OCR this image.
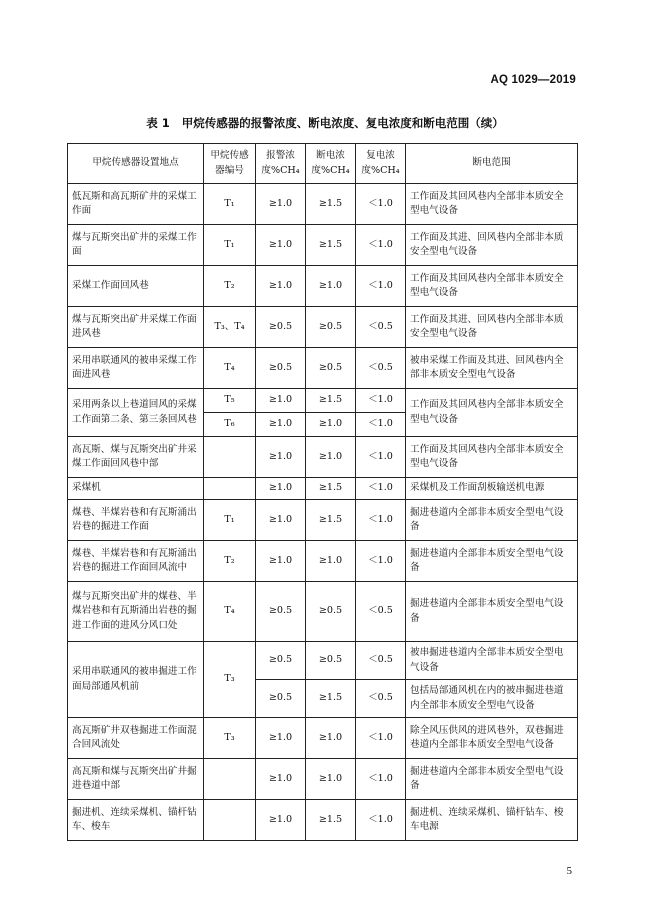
AQ 1029—2019
表 1 甲烷传感器的报警浓度、断电浓度、复电浓度和断电范围（续）
甲烷传感器设置地点	甲烷传感器编号	报警浓度%CH₄	断电浓度%CH₄	复电浓度%CH₄	断电范围
低瓦斯和高瓦斯矿井的采煤工作面	T₁	≥1.0	≥1.5	＜1.0	工作面及其回风巷内全部非本质安全型电气设备
煤与瓦斯突出矿井的采煤工作面	T₁	≥1.0	≥1.5	＜1.0	工作面及其进、回风巷内全部非本质安全型电气设备
采煤工作面回风巷	T₂	≥1.0	≥1.0	＜1.0	工作面及其回风巷内全部非本质安全型电气设备
煤与瓦斯突出矿井采煤工作面进风巷	T₃、T₄	≥0.5	≥0.5	＜0.5	工作面及其进、回风巷内全部非本质安全型电气设备
采用串联通风的被串采煤工作面进风巷	T₄	≥0.5	≥0.5	＜0.5	被串采煤工作面及其进、回风巷内全部非本质安全型电气设备
采用两条以上巷道回风的采煤工作面第二条、第三条回风巷	T₅	≥1.0	≥1.5	＜1.0	工作面及其回风巷内全部非本质安全型电气设备
	T₆	≥1.0	≥1.0	＜1.0	
高瓦斯、煤与瓦斯突出矿井采煤工作面回风巷中部		≥1.0	≥1.0	＜1.0	工作面及其回风巷内全部非本质安全型电气设备
采煤机		≥1.0	≥1.5	＜1.0	采煤机及工作面刮板输送机电源
煤巷、半煤岩巷和有瓦斯涌出岩巷的掘进工作面	T₁	≥1.0	≥1.5	＜1.0	掘进巷道内全部非本质安全型电气设备
煤巷、半煤岩巷和有瓦斯涌出岩巷的掘进工作面回风流中	T₂	≥1.0	≥1.0	＜1.0	掘进巷道内全部非本质安全型电气设备
煤与瓦斯突出矿井的煤巷、半煤岩巷和有瓦斯涌出岩巷的掘进工作面的进风分风口处	T₄	≥0.5	≥0.5	＜0.5	掘进巷道内全部非本质安全型电气设备
采用串联通风的被串掘进工作面局部通风机前	T₃	≥0.5	≥0.5	＜0.5	被串掘进巷道内全部非本质安全型电气设备
		≥0.5	≥1.5	＜0.5	包括局部通风机在内的被串掘进巷道内全部非本质安全型电气设备
高瓦斯矿井双巷掘进工作面混合回风流处	T₃	≥1.0	≥1.0	＜1.0	除全风压供风的进风巷外，双巷掘进巷道内全部非本质安全型电气设备
高瓦斯和煤与瓦斯突出矿井掘进巷道中部		≥1.0	≥1.0	＜1.0	掘进巷道内全部非本质安全型电气设备
掘进机、连续采煤机、锚杆钻车、梭车		≥1.0	≥1.5	＜1.0	掘进机、连续采煤机、锚杆钻车、梭车电源
5
